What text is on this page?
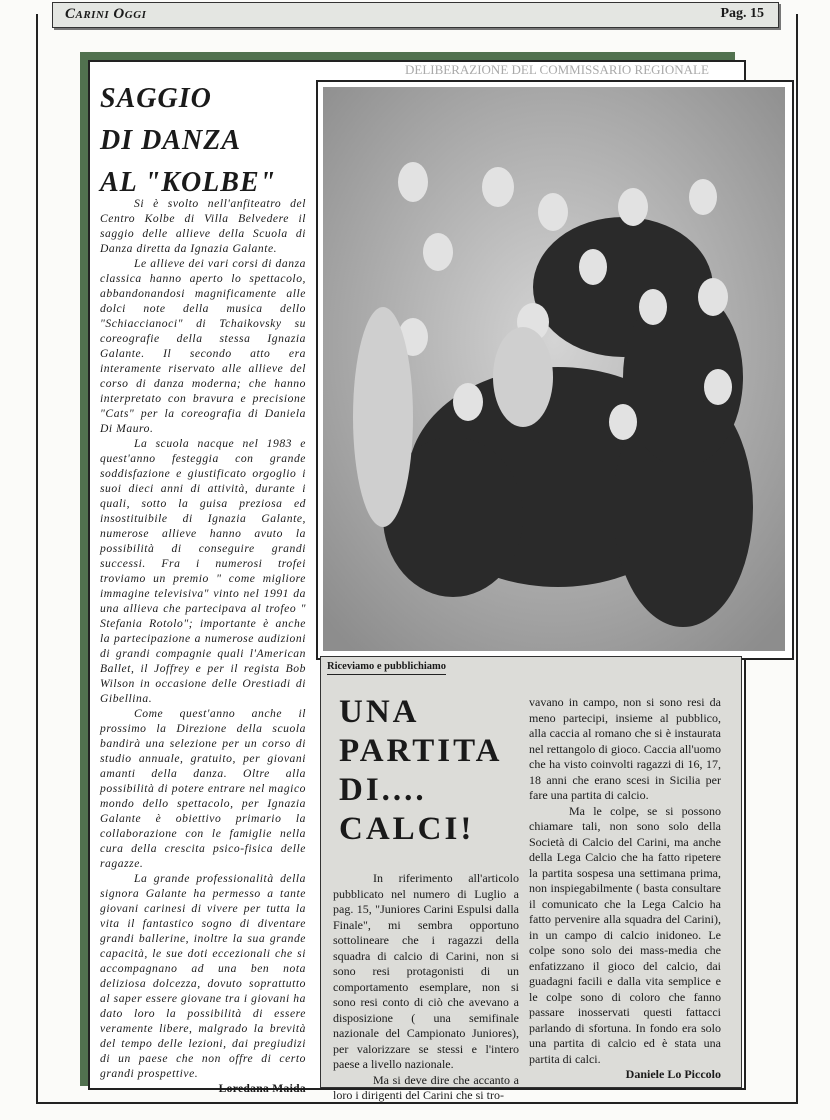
Carini Oggi	Pag. 15
DELIBERAZIONE DEL COMMISSARIO REGIONALE
SAGGIO
DI DANZA
AL "KOLBE"

Si è svolto nell'anfiteatro del Centro Kolbe di Villa Belvedere il saggio delle allieve della Scuola di Danza diretta da Ignazia Galante.

Le allieve dei vari corsi di danza classica hanno aperto lo spettacolo, abbandonandosi magnificamente alle dolci note della musica dello "Schiaccianoci" di Tchaikovsky su coreografie della stessa Ignazia Galante. Il secondo atto era interamente riservato alle allieve del corso di danza moderna; che hanno interpretato con bravura e precisione "Cats" per la coreografia di Daniela Di Mauro.

La scuola nacque nel 1983 e quest'anno festeggia con grande soddisfazione e giustificato orgoglio i suoi dieci anni di attività, durante i quali, sotto la guisa preziosa ed insostituibile di Ignazia Galante, numerose allieve hanno avuto la possibilità di conseguire grandi successi. Fra i numerosi trofei troviamo un premio " come migliore immagine televisiva" vinto nel 1991 da una allieva che partecipava al trofeo " Stefania Rotolo"; importante è anche la partecipazione a numerose audizioni di grandi compagnie quali l'American Ballet, il Joffrey e per il regista Bob Wilson in occasione delle Orestiadi di Gibellina.

Come quest'anno anche il prossimo la Direzione della scuola bandirà una selezione per un corso di studio annuale, gratuito, per giovani amanti della danza. Oltre alla possibilità di potere entrare nel magico mondo dello spettacolo, per Ignazia Galante è obiettivo primario la collaborazione con le famiglie nella cura della crescita psico-fisica delle ragazze.

La grande professionalità della signora Galante ha permesso a tante giovani carinesi di vivere per tutta la vita il fantastico sogno di diventare grandi ballerine, inoltre la sua grande capacità, le sue doti eccezionali che si accompagnano ad una ben nota deliziosa dolcezza, dovuto soprattutto al saper essere giovane tra i giovani ha dato loro la possibilità di essere veramente libere, malgrado la brevità del tempo delle lezioni, dai pregiudizi di un paese che non offre di certo grandi prospettive.
Loredana Maida

Riceviamo e pubblichiamo
UNA
PARTITA
DI....
CALCI!

In riferimento all'articolo pubblicato nel numero di Luglio a pag. 15, "Juniores Carini Espulsi dalla Finale", mi sembra opportuno sottolineare che i ragazzi della squadra di calcio di Carini, non si sono resi protagonisti di un comportamento esemplare, non si sono resi conto di ciò che avevano a disposizione ( una semifinale nazionale del Campionato Juniores), per valorizzare se stessi e l'intero paese a livello nazionale.

Ma si deve dire che accanto a loro i dirigenti del Carini che si tro-

vavano in campo, non si sono resi da meno partecipi, insieme al pubblico, alla caccia al romano che si è instaurata nel rettangolo di gioco. Caccia all'uomo che ha visto coinvolti ragazzi di 16, 17, 18 anni che erano scesi in Sicilia per fare una partita di calcio.

Ma le colpe, se si possono chiamare tali, non sono solo della Società di Calcio del Carini, ma anche della Lega Calcio che ha fatto ripetere la partita sospesa una settimana prima, non inspiegabilmente ( basta consultare il comunicato che la Lega Calcio ha fatto pervenire alla squadra del Carini), in un campo di calcio inidoneo. Le colpe sono solo dei mass-media che enfatizzano il gioco del calcio, dai guadagni facili e dalla vita semplice e le colpe sono di coloro che fanno passare inosservati questi fattacci parlando di sfortuna. In fondo era solo una partita di calcio ed è stata una partita di calci.

Daniele Lo Piccolo
